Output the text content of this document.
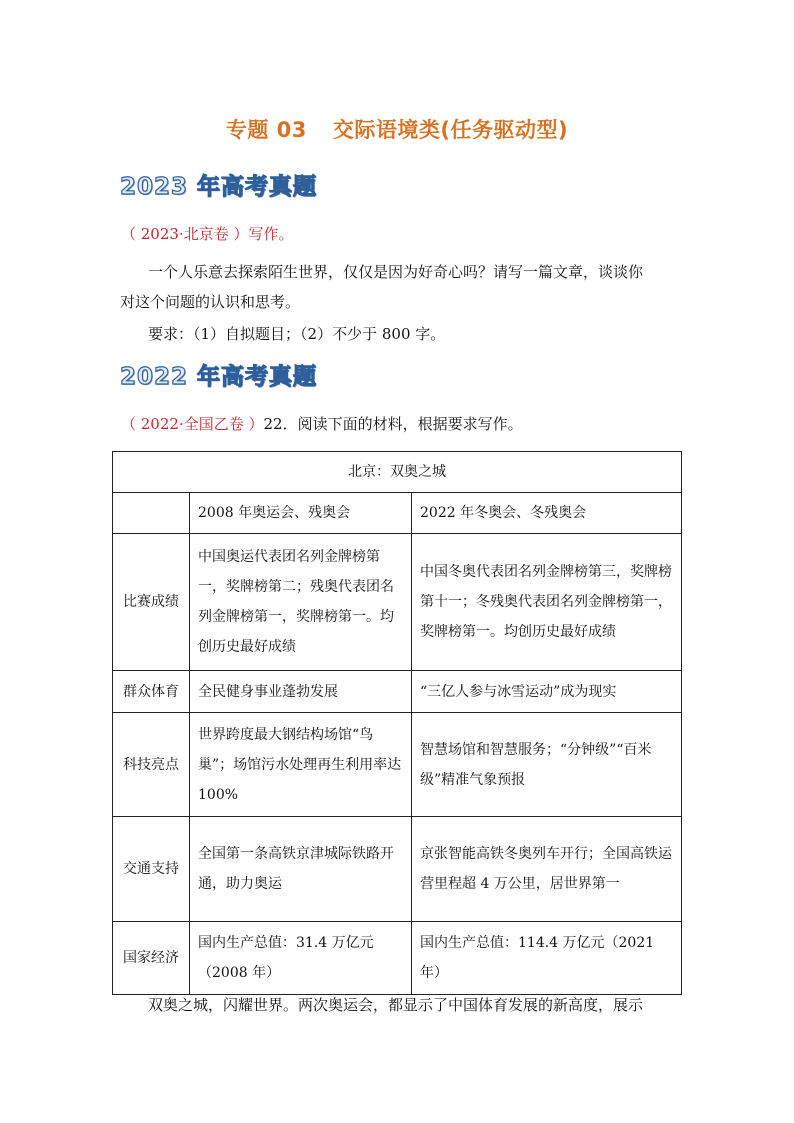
专题 03 交际语境类(任务驱动型)
2023 年高考真题
（ 2023·北京卷 ）写作。
一个人乐意去探索陌生世界，仅仅是因为好奇心吗？请写一篇文章，谈谈你
对这个问题的认识和思考。
要求：（1）自拟题目；（2）不少于 800 字。
2022 年高考真题
（ 2022·全国乙卷 ）22．阅读下面的材料，根据要求写作。
北京：双奥之城		
	2008 年奥运会、残奥会	2022 年冬奥会、冬残奥会
比赛成绩	中国奥运代表团名列金牌榜第一，奖牌榜第二；残奥代表团名列金牌榜第一，奖牌榜第一。均创历史最好成绩	中国冬奥代表团名列金牌榜第三，奖牌榜第十一；冬残奥代表团名列金牌榜第一，奖牌榜第一。均创历史最好成绩
群众体育	全民健身事业蓬勃发展	“三亿人参与冰雪运动”成为现实
科技亮点	世界跨度最大钢结构场馆“鸟巢”；场馆污水处理再生利用率达 100%	智慧场馆和智慧服务；“分钟级”“百米级”精准气象预报
交通支持	全国第一条高铁京津城际铁路开通，助力奥运	京张智能高铁冬奥列车开行；全国高铁运营里程超 4 万公里，居世界第一
国家经济	国内生产总值：31.4 万亿元（2008 年）	国内生产总值：114.4 万亿元（2021 年）
双奥之城，闪耀世界。两次奥运会，都显示了中国体育发展的新高度，展示
